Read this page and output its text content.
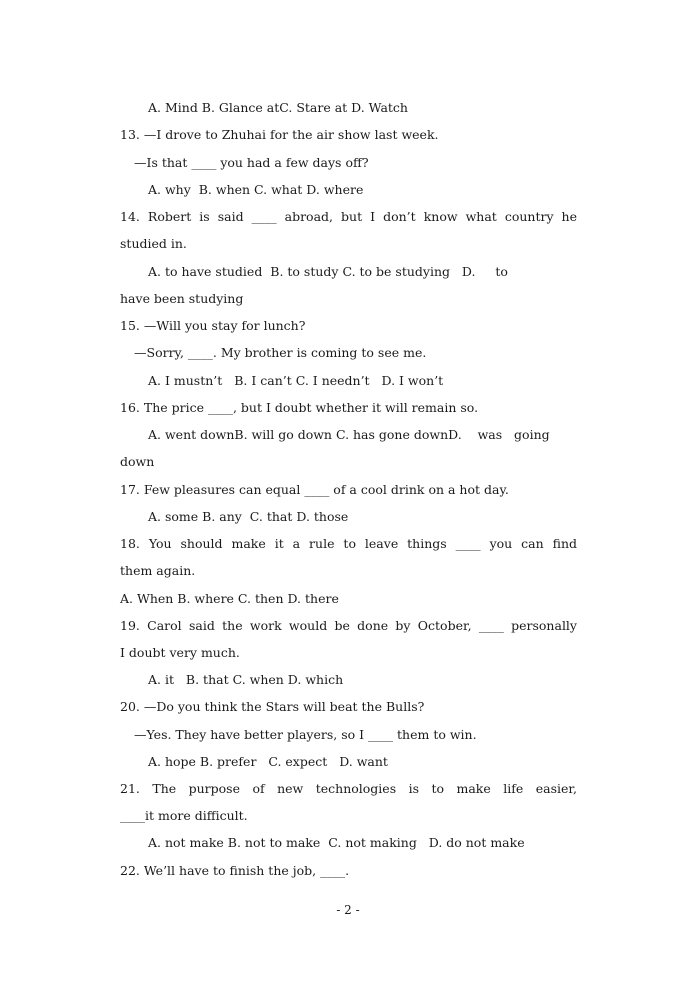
A. Mind B. Glance atC. Stare at D. Watch
13. —I drove to Zhuhai for the air show last week.
—Is that ____ you had a few days off?
A. why  B. when C. what D. where
14. Robert is said ____ abroad, but I don’t know what country he
studied in.
A. to have studied  B. to study C. to be studying   D.     to
have been studying
15. —Will you stay for lunch?
—Sorry, ____. My brother is coming to see me.
A. I mustn’t   B. I can’t C. I needn’t   D. I won’t
16. The price ____, but I doubt whether it will remain so.
A. went downB. will go down C. has gone downD.    was   going
down
17. Few pleasures can equal ____ of a cool drink on a hot day.
A. some B. any  C. that D. those
18. You should make it a rule to leave things ____ you can find
them again.
A. When B. where C. then D. there
19. Carol said the work would be done by October, ____ personally
I doubt very much.
A. it   B. that C. when D. which
20. —Do you think the Stars will beat the Bulls?
—Yes. They have better players, so I ____ them to win.
A. hope B. prefer   C. expect   D. want
21. The purpose of new technologies is to make life easier,
____it more difficult.
A. not make B. not to make  C. not making   D. do not make
22. We’ll have to finish the job, ____.
- 2 -
